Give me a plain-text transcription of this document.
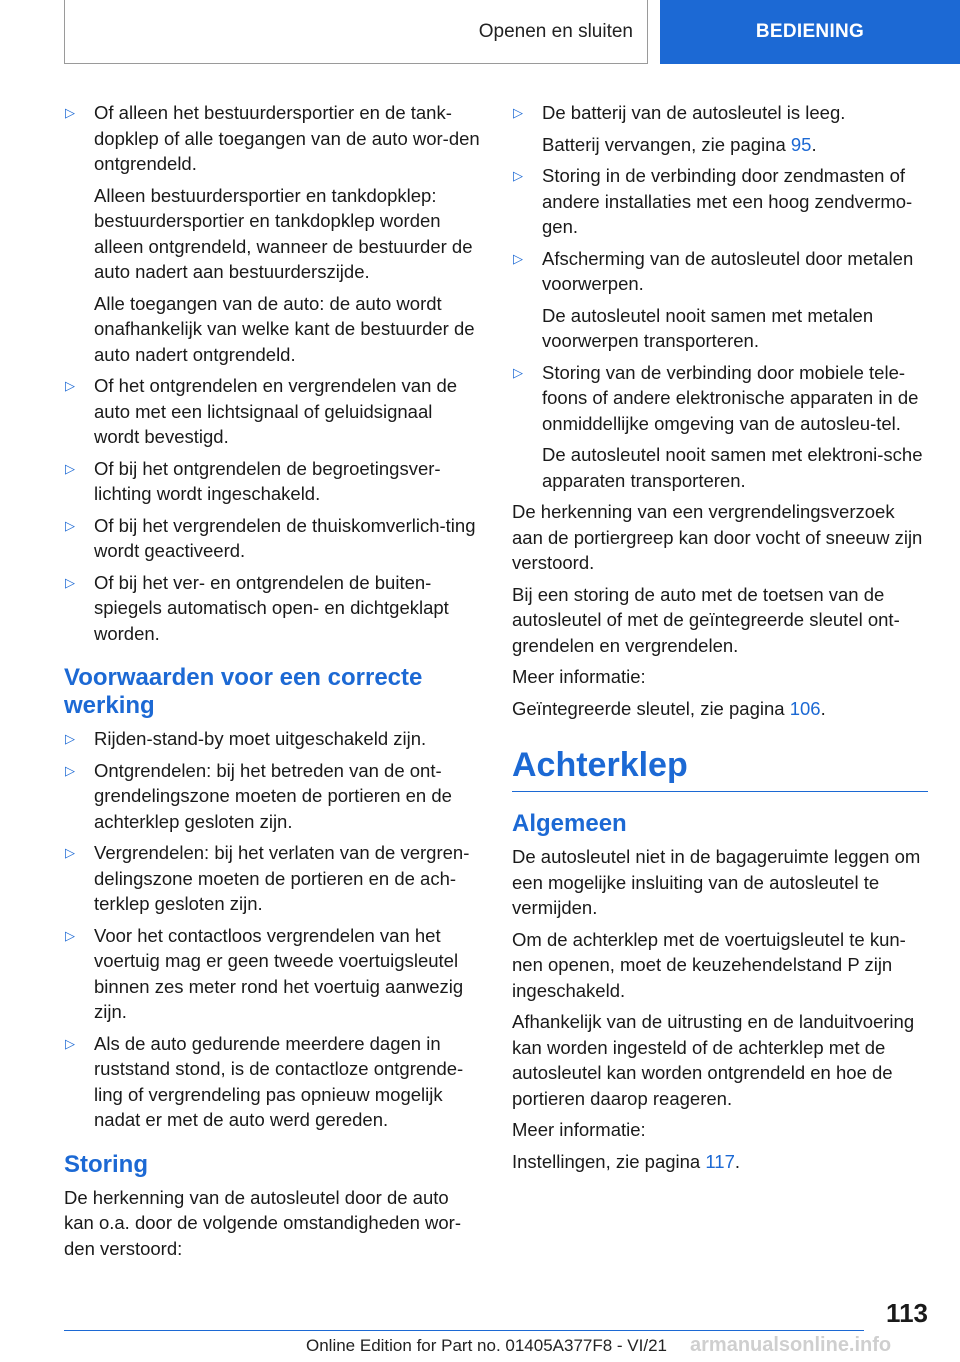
Openen en sluiten	BEDIENING
▷ Of alleen het bestuurdersportier en de tank-dopklep of alle toegangen van de auto wor-den ontgrendeld.
Alleen bestuurdersportier en tankdopklep: bestuurdersportier en tankdopklep worden alleen ontgrendeld, wanneer de bestuurder de auto nadert aan bestuurderszijde.
Alle toegangen van de auto: de auto wordt onafhankelijk van welke kant de bestuurder de auto nadert ontgrendeld.
▷ Of het ontgrendelen en vergrendelen van de auto met een lichtsignaal of geluidsignaal wordt bevestigd.
▷ Of bij het ontgrendelen de begroetingsver-lichting wordt ingeschakeld.
▷ Of bij het vergrendelen de thuiskomverlich-ting wordt geactiveerd.
▷ Of bij het ver- en ontgrendelen de buiten-spiegels automatisch open- en dichtgeklapt worden.
Voorwaarden voor een correcte werking
▷ Rijden-stand-by moet uitgeschakeld zijn.
▷ Ontgrendelen: bij het betreden van de ont-grendelingszone moeten de portieren en de achterklep gesloten zijn.
▷ Vergrendelen: bij het verlaten van de vergren-delingszone moeten de portieren en de ach-terklep gesloten zijn.
▷ Voor het contactloos vergrendelen van het voertuig mag er geen tweede voertuigsleutel binnen zes meter rond het voertuig aanwezig zijn.
▷ Als de auto gedurende meerdere dagen in ruststand stond, is de contactloze ontgrende-ling of vergrendeling pas opnieuw mogelijk nadat er met de auto werd gereden.
Storing

De herkenning van de autosleutel door de auto kan o.a. door de volgende omstandigheden wor-den verstoord:

▷ De batterij van de autosleutel is leeg.
Batterij vervangen, zie pagina 95.
▷ Storing in de verbinding door zendmasten of andere installaties met een hoog zendvermo-gen.
▷ Afscherming van de autosleutel door metalen voorwerpen.
De autosleutel nooit samen met metalen voorwerpen transporteren.
▷ Storing van de verbinding door mobiele tele-foons of andere elektronische apparaten in de onmiddellijke omgeving van de autosleu-tel.
De autosleutel nooit samen met elektroni-sche apparaten transporteren.

De herkenning van een vergrendelingsverzoek aan de portiergreep kan door vocht of sneeuw zijn verstoord.

Bij een storing de auto met de toetsen van de autosleutel of met de geïntegreerde sleutel ont-grendelen en vergrendelen.

Meer informatie:

Geïntegreerde sleutel, zie pagina 106.

Achterklep
Algemeen

De autosleutel niet in de bagageruimte leggen om een mogelijke insluiting van de autosleutel te vermijden.

Om de achterklep met de voertuigsleutel te kun-nen openen, moet de keuzehendelstand P zijn ingeschakeld.

Afhankelijk van de uitrusting en de landuitvoering kan worden ingesteld of de achterklep met de autosleutel kan worden ontgrendeld en hoe de portieren daarop reageren.

Meer informatie:

Instellingen, zie pagina 117.

113
Online Edition for Part no. 01405A377F8 - VI/21 armanualsonline.info
